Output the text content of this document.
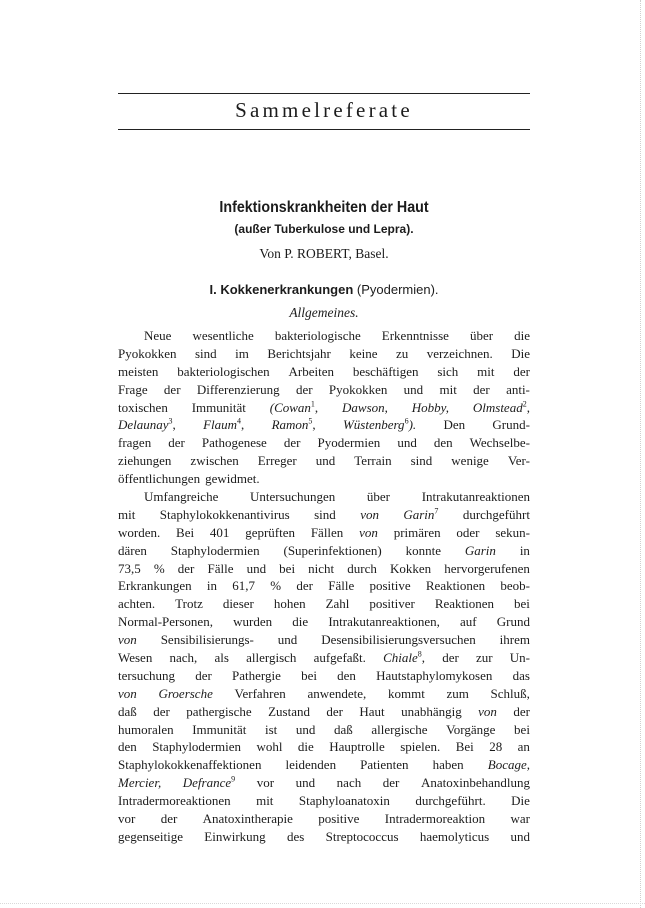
Sammelreferate
Infektionskrankheiten der Haut
(außer Tuberkulose und Lepra).
Von P. ROBERT, Basel.
I. Kokkenerkrankungen (Pyodermien).
Allgemeines.
Neue wesentliche bakteriologische Erkenntnisse über die
Pyokokken sind im Berichtsjahr keine zu verzeichnen. Die
meisten bakteriologischen Arbeiten beschäftigen sich mit der
Frage der Differenzierung der Pyokokken und mit der anti-
toxischen Immunität (Cowan$^1$, Dawson, Hobby, Olmstead$^2$,
Delaunay$^3$, Flaum$^4$, Ramon$^5$, Wüstenberg$^6$). Den Grund-
fragen der Pathogenese der Pyodermien und den Wechselbe-
ziehungen zwischen Erreger und Terrain sind wenige Ver-
öffentlichungen gewidmet.
Umfangreiche Untersuchungen über Intrakutanreaktionen
mit Staphylokokkenantivirus sind von Garin$^7$ durchgeführt
worden. Bei 401 geprüften Fällen von primären oder sekun-
dären Staphylodermien (Superinfektionen) konnte Garin in
73,5 % der Fälle und bei nicht durch Kokken hervorgerufenen
Erkrankungen in 61,7 % der Fälle positive Reaktionen beob-
achten. Trotz dieser hohen Zahl positiver Reaktionen bei
Normal-Personen, wurden die Intrakutanreaktionen, auf Grund
von Sensibilisierungs- und Desensibilisierungsversuchen ihrem
Wesen nach, als allergisch aufgefaßt. Chiale$^8$, der zur Un-
tersuchung der Pathergie bei den Hautstaphylomykosen das
von Groersche Verfahren anwendete, kommt zum Schluß,
daß der pathergische Zustand der Haut unabhängig von der
humoralen Immunität ist und daß allergische Vorgänge bei
den Staphylodermien wohl die Hauptrolle spielen. Bei 28 an
Staphylokokkenaffektionen leidenden Patienten haben Bocage,
Mercier, Defrance$^9$ vor und nach der Anatoxinbehandlung
Intradermoreaktionen mit Staphyloanatoxin durchgeführt. Die
vor der Anatoxintherapie positive Intradermoreaktion war
gegenseitige Einwirkung des Streptococcus haemolyticus und
